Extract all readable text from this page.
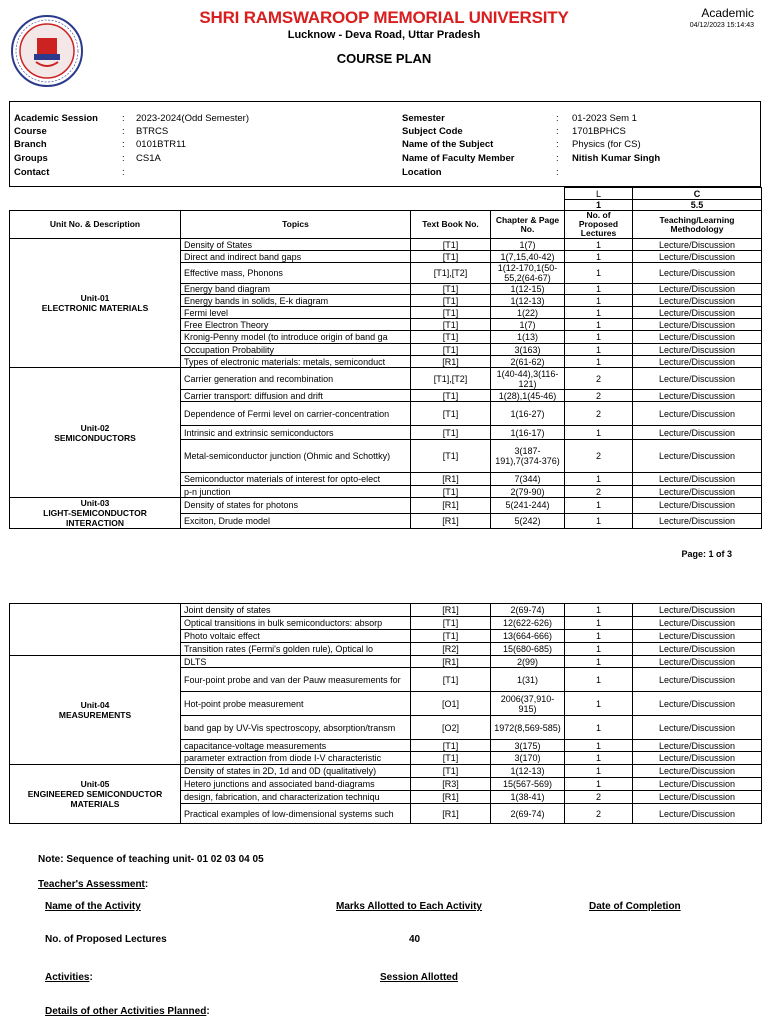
SHRI RAMSWAROOP MEMORIAL UNIVERSITY
Lucknow - Deva Road, Uttar Pradesh
COURSE PLAN
Academic
04/12/2023 15:14:43
Academic Session	: 2023-2024(Odd Semester)
Course	: BTRCS
Branch	: 0101BTR11
Groups	: CS1A
Contact	:
Semester	: 01-2023 Sem 1
Subject Code	: 1701BPHCS
Name of the Subject	: Physics (for CS)
Name of Faculty Member	: Nitish Kumar Singh
Location	:
				L	C
				1	5.5
Unit No. & Description	Topics	Text Book No.	Chapter & Page No.	No. of Proposed Lectures	Teaching/Learning Methodology

Unit-01
ELECTRONIC MATERIALS	Density of States	[T1]	1(7)	1	Lecture/Discussion
	Direct and indirect band gaps	[T1]	1(7,15,40-42)	1	Lecture/Discussion
	Effective mass, Phonons	[T1],[T2]	1(12-170,1(50-55,2(64-67)	1	Lecture/Discussion
	Energy band diagram	[T1]	1(12-15)	1	Lecture/Discussion
	Energy bands in solids, E-k diagram	[T1]	1(12-13)	1	Lecture/Discussion
	Fermi level	[T1]	1(22)	1	Lecture/Discussion
	Free Electron Theory	[T1]	1(7)	1	Lecture/Discussion
	Kronig-Penny model (to introduce origin of band ga	[T1]	1(13)	1	Lecture/Discussion
	Occupation Probability	[T1]	3(163)	1	Lecture/Discussion
	Types of electronic materials: metals, semiconduct	[R1]	2(61-62)	1	Lecture/Discussion

Unit-02
SEMICONDUCTORS	Carrier generation and recombination	[T1],[T2]	1(40-44),3(116-121)	2	Lecture/Discussion
	Carrier transport: diffusion and drift	[T1]	1(28),1(45-46)	2	Lecture/Discussion
	Dependence of Fermi level on carrier-concentration	[T1]	1(16-27)	2	Lecture/Discussion
	Intrinsic and extrinsic semiconductors	[T1]	1(16-17)	1	Lecture/Discussion
	Metal-semiconductor junction (Ohmic and Schottky)	[T1]	3(187-191),7(374-376)	2	Lecture/Discussion
	Semiconductor materials of interest for opto-elect	[R1]	7(344)	1	Lecture/Discussion
	p-n junction	[T1]	2(79-90)	2	Lecture/Discussion

Unit-03
LIGHT-SEMICONDUCTOR INTERACTION	Density of states for photons	[R1]	5(241-244)	1	Lecture/Discussion
	Exciton, Drude model	[R1]	5(242)	1	Lecture/Discussion
Page: 1 of 3
	Joint density of states	[R1]	2(69-74)	1	Lecture/Discussion
	Optical transitions in bulk semiconductors: absorp	[T1]	12(622-626)	1	Lecture/Discussion
	Photo voltaic effect	[T1]	13(664-666)	1	Lecture/Discussion
	Transition rates (Fermi's golden rule), Optical lo	[R2]	15(680-685)	1	Lecture/Discussion

Unit-04
MEASUREMENTS	DLTS	[R1]	2(99)	1	Lecture/Discussion
	Four-point probe and van der Pauw measurements for	[T1]	1(31)	1	Lecture/Discussion
	Hot-point probe measurement	[O1]	2006(37,910-915)	1	Lecture/Discussion
	band gap by UV-Vis spectroscopy, absorption/transm	[O2]	1972(8,569-585)	1	Lecture/Discussion
	capacitance-voltage measurements	[T1]	3(175)	1	Lecture/Discussion
	parameter extraction from diode I-V characteristic	[T1]	3(170)	1	Lecture/Discussion

Unit-05
ENGINEERED SEMICONDUCTOR MATERIALS	Density of states in 2D, 1d and 0D (qualitatively)	[T1]	1(12-13)	1	Lecture/Discussion
	Hetero junctions and associated band-diagrams	[R3]	15(567-569)	1	Lecture/Discussion
	design, fabrication, and characterization techniqu	[R1]	1(38-41)	2	Lecture/Discussion
	Practical examples of low-dimensional systems such	[R1]	2(69-74)	2	Lecture/Discussion
Note: Sequence of teaching unit- 01 02 03 04 05
Teacher's Assessment:
Name of the Activity	Marks Allotted to Each Activity	Date of Completion
No. of Proposed Lectures	40
Activities:	Session Allotted
Details of other Activities Planned:
